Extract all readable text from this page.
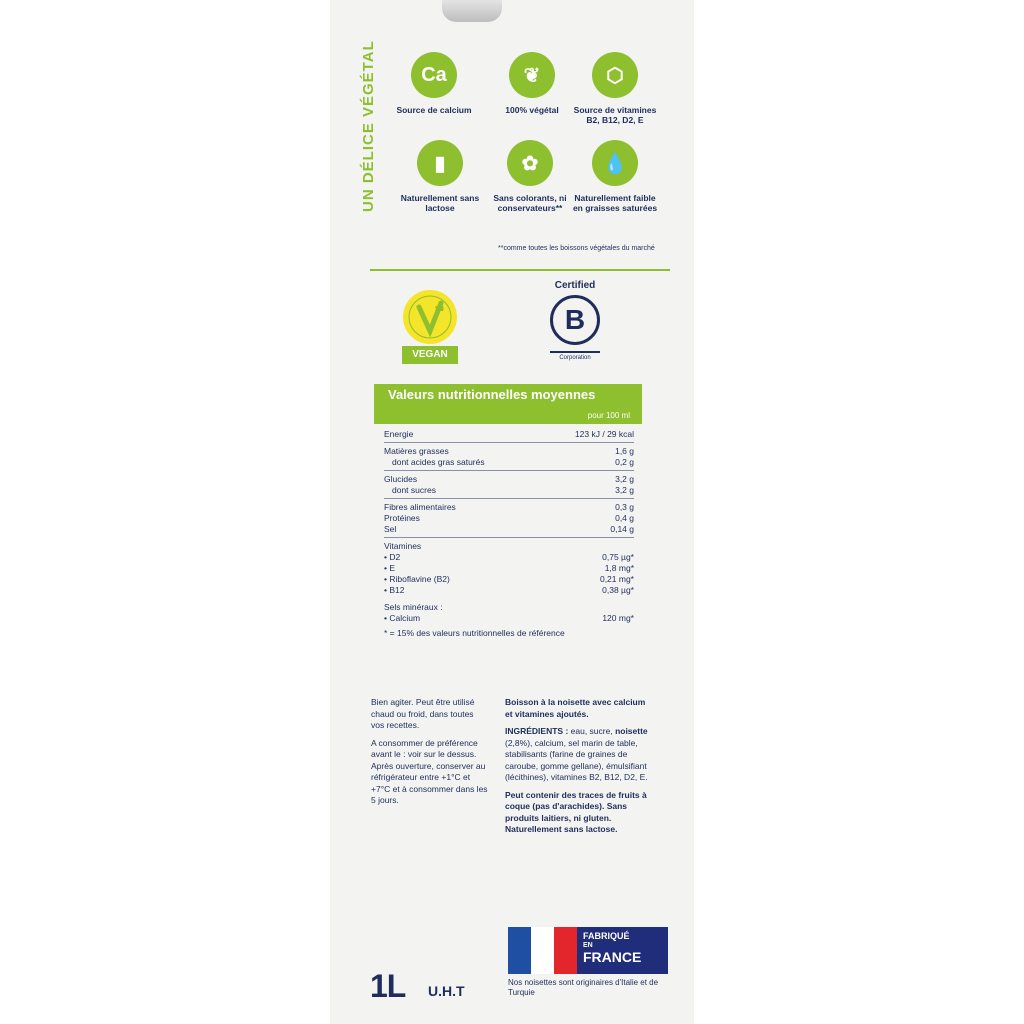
UN DÉLICE VÉGÉTAL	Ca
Source de calcium
❦
100% végétal
⬡
Source de vitamines B2, B12, D2, E
▮
Naturellement sans lactose
✿
Sans colorants, ni conservateurs**
💧
Naturellement faible en graisses saturées
**comme toutes les boissons végétales du marché
VEGAN
Certified
B
Corporation
Valeurs nutritionnelles moyennes
pour 100 ml
Energie	123 kJ / 29 kcal
Matières grasses	1,6 g
dont acides gras saturés	0,2 g
Glucides	3,2 g
dont sucres	3,2 g
Fibres alimentaires	0,3 g
Protéines	0,4 g
Sel	0,14 g
Vitamines
• D2	0,75 µg*
• E	1,8 mg*
• Riboflavine (B2)	0,21 mg*
• B12	0,38 µg*
Sels minéraux :
• Calcium	120 mg*
* = 15% des valeurs nutritionnelles de référence

Bien agiter. Peut être utilisé chaud ou froid, dans toutes vos recettes.

A consommer de préférence avant le : voir sur le dessus. Après ouverture, conserver au réfrigérateur entre +1°C et +7°C et à consommer dans les 5 jours.

Boisson à la noisette avec calcium et vitamines ajoutés.

INGRÉDIENTS : eau, sucre, noisette (2,8%), calcium, sel marin de table, stabilisants (farine de graines de caroube, gomme gellane), émulsifiant (lécithines), vitamines B2, B12, D2, E.

Peut contenir des traces de fruits à coque (pas d'arachides). Sans produits laitiers, ni gluten. Naturellement sans lactose.

FABRIQUÉ
EN
FRANCE
Nos noisettes sont originaires d'Italie et de Turquie
1L U.H.T
